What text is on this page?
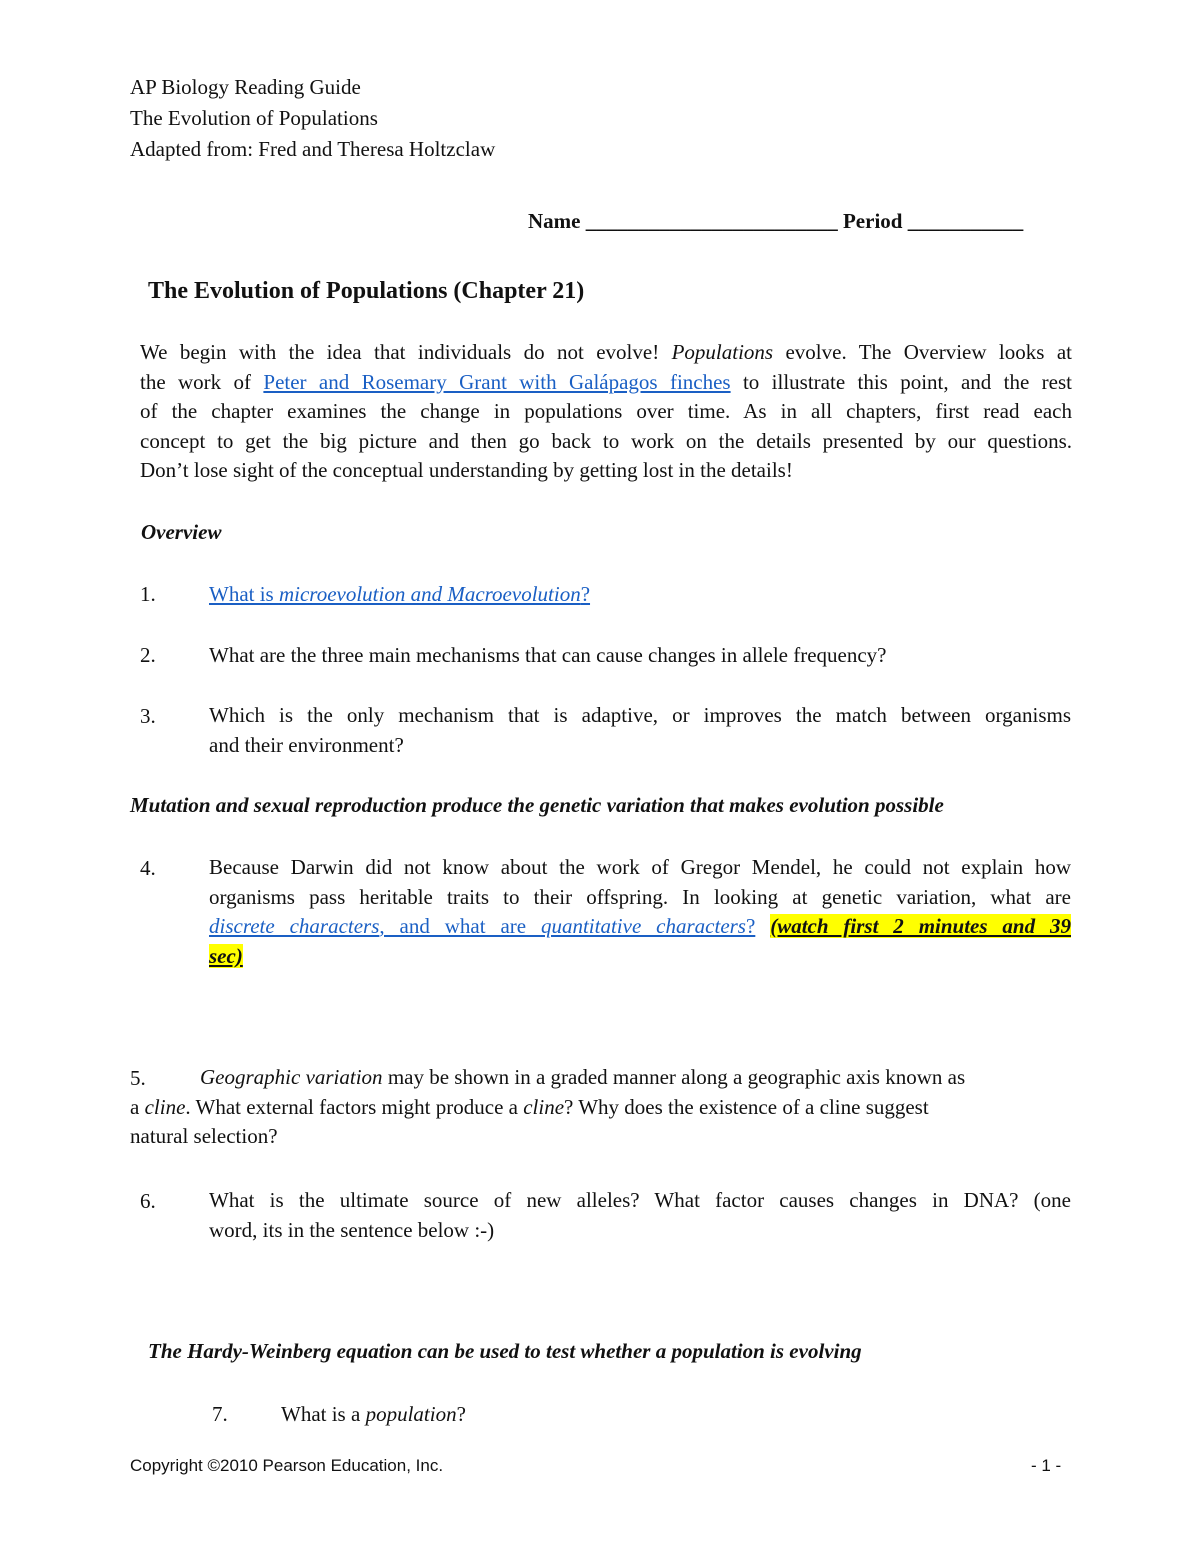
AP Biology Reading Guide
The Evolution of Populations
Adapted from: Fred and Theresa Holtzclaw
Name ________________________ Period ___________
The Evolution of Populations (Chapter 21)
We begin with the idea that individuals do not evolve! Populations evolve. The Overview looks at
the work of Peter and Rosemary Grant with Galápagos finches to illustrate this point, and the rest
of the chapter examines the change in populations over time. As in all chapters, first read each
concept to get the big picture and then go back to work on the details presented by our questions.
Don’t lose sight of the conceptual understanding by getting lost in the details!
Overview
1.	What is microevolution and Macroevolution?
2.	What are the three main mechanisms that can cause changes in allele frequency?
3.	Which is the only mechanism that is adaptive, or improves the match between organisms
and their environment?
Mutation and sexual reproduction produce the genetic variation that makes evolution possible
4.	Because Darwin did not know about the work of Gregor Mendel, he could not explain how
organisms pass heritable traits to their offspring. In looking at genetic variation, what are
discrete characters, and what are quantitative characters? (watch first 2 minutes and 39
sec)
5.	Geographic variation may be shown in a graded manner along a geographic axis known as
a cline. What external factors might produce a cline? Why does the existence of a cline suggest
natural selection?
6.	What is the ultimate source of new alleles? What factor causes changes in DNA? (one
word, its in the sentence below :-)
The Hardy-Weinberg equation can be used to test whether a population is evolving
7.	What is a population?
Copyright ©2010 Pearson Education, Inc.	- 1 -
